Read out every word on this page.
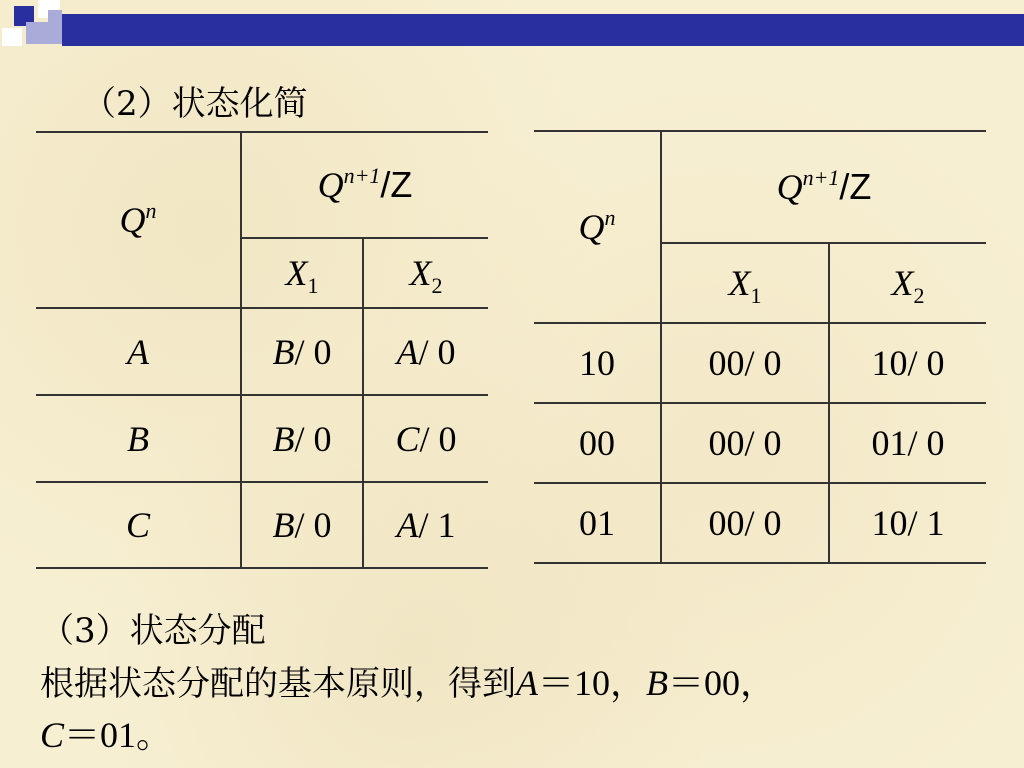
（2）状态化简
$Q^n$	$Q^{n+1}/Z$	
	$X_1$	$X_2$
A	B/ 0	A/ 0
B	B/ 0	C/ 0
C	B/ 0	A/ 1
$Q^n$	$Q^{n+1}/Z$	
	$X_1$	$X_2$
10	00/ 0	10/ 0
00	00/ 0	01/ 0
01	00/ 0	10/ 1
（3）状态分配
根据状态分配的基本原则，得到A＝10，B＝00，
C＝01。
